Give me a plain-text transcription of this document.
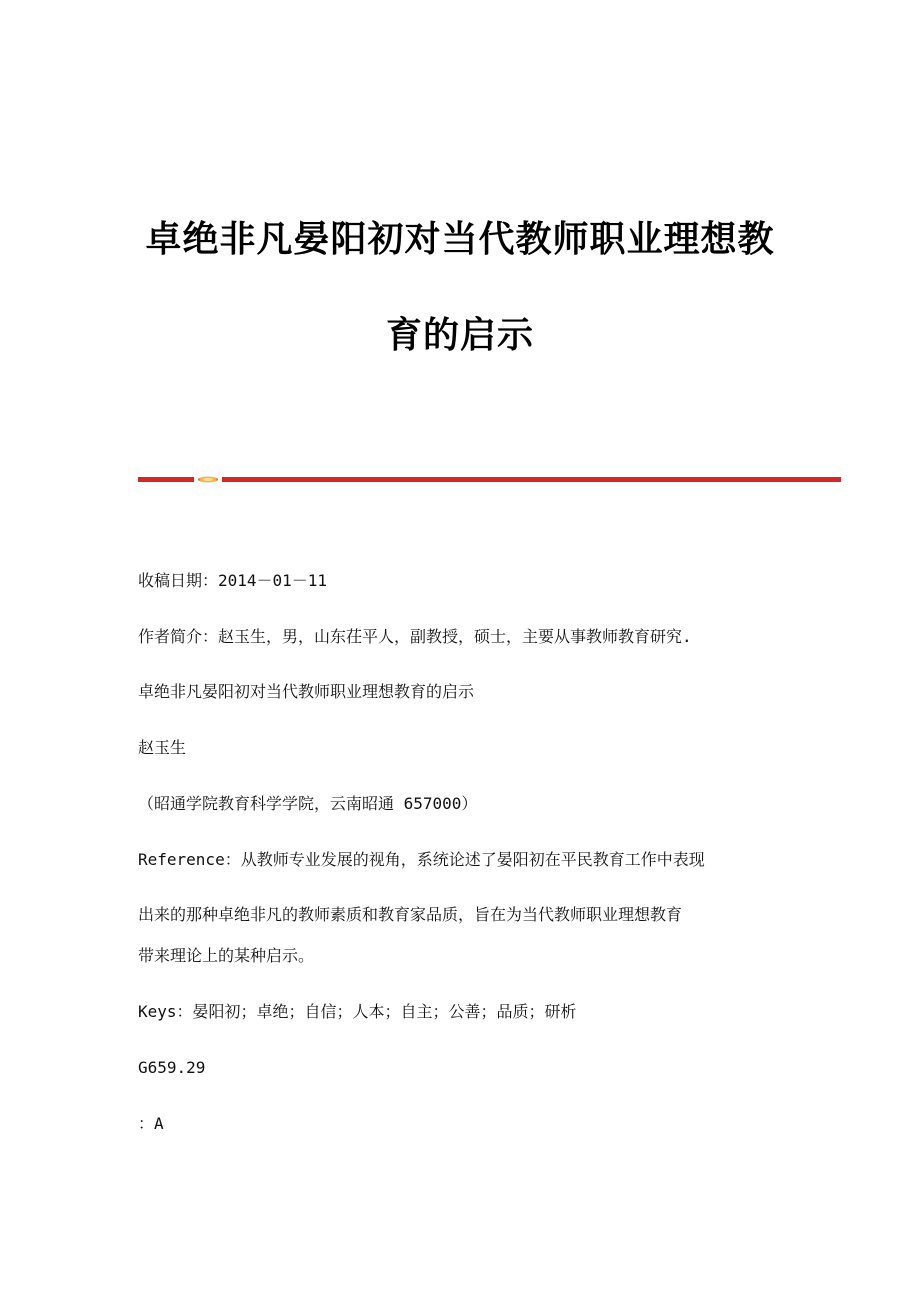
卓绝非凡晏阳初对当代教师职业理想教
育的启示
收稿日期：2014－01－11
作者简介：赵玉生，男，山东茌平人，副教授，硕士，主要从事教师教育研究.
卓绝非凡晏阳初对当代教师职业理想教育的启示
赵玉生
（昭通学院教育科学学院，云南昭通 657000）
Reference：从教师专业发展的视角，系统论述了晏阳初在平民教育工作中表现
出来的那种卓绝非凡的教师素质和教育家品质，旨在为当代教师职业理想教育
带来理论上的某种启示。
Keys：晏阳初；卓绝；自信；人本；自主；公善；品质；研析
G659.29
：A
